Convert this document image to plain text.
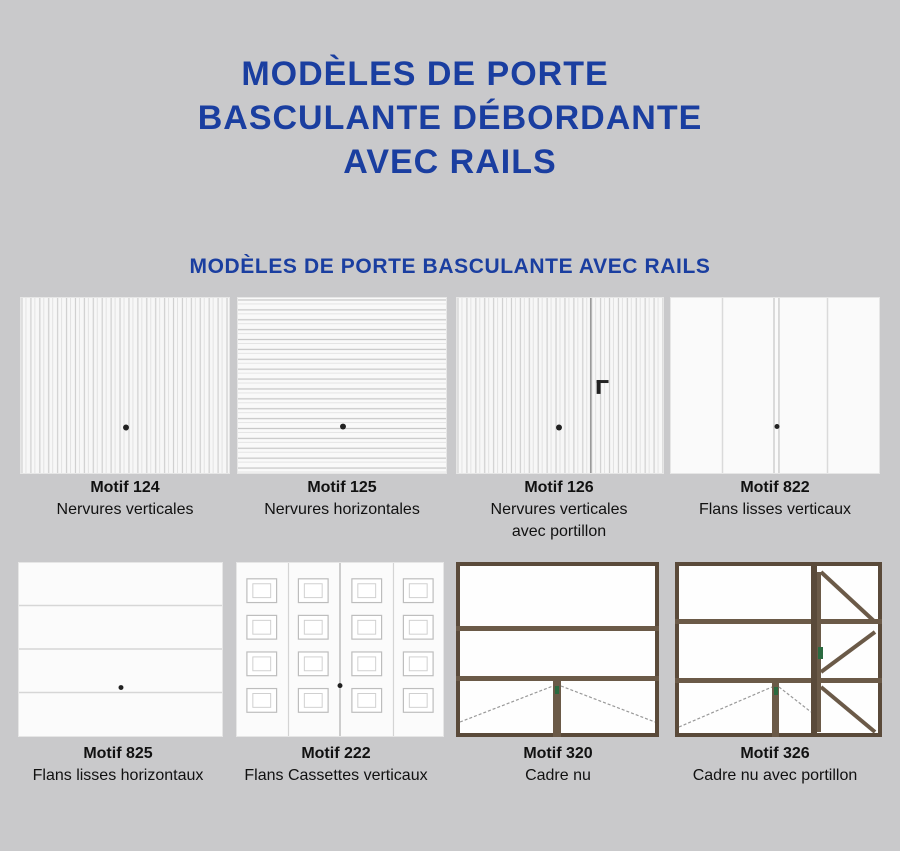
MODÈLES DE PORTE
BASCULANTE DÉBORDANTE
AVEC RAILS
MODÈLES DE PORTE BASCULANTE AVEC RAILS
Motif 124
Nervures verticales
Motif 125
Nervures horizontales
Motif 126
Nervures verticales
avec portillon
Motif 822
Flans lisses verticaux
Motif 825
Flans lisses horizontaux
Motif 222
Flans Cassettes verticaux
Motif 320
Cadre nu
Motif 326
Cadre nu avec portillon
